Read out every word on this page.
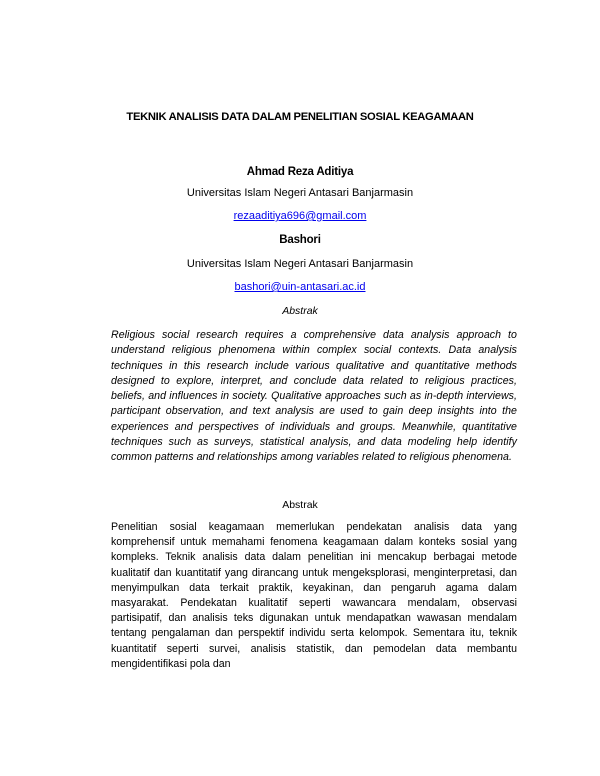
TEKNIK ANALISIS DATA DALAM PENELITIAN SOSIAL KEAGAMAAN
Ahmad Reza Aditiya
Universitas Islam Negeri Antasari Banjarmasin
rezaaditiya696@gmail.com
Bashori
Universitas Islam Negeri Antasari Banjarmasin
bashori@uin-antasari.ac.id
Abstrak
Religious social research requires a comprehensive data analysis approach to understand religious phenomena within complex social contexts. Data analysis techniques in this research include various qualitative and quantitative methods designed to explore, interpret, and conclude data related to religious practices, beliefs, and influences in society. Qualitative approaches such as in-depth interviews, participant observation, and text analysis are used to gain deep insights into the experiences and perspectives of individuals and groups. Meanwhile, quantitative techniques such as surveys, statistical analysis, and data modeling help identify common patterns and relationships among variables related to religious phenomena.
Abstrak
Penelitian sosial keagamaan memerlukan pendekatan analisis data yang komprehensif untuk memahami fenomena keagamaan dalam konteks sosial yang kompleks. Teknik analisis data dalam penelitian ini mencakup berbagai metode kualitatif dan kuantitatif yang dirancang untuk mengeksplorasi, menginterpretasi, dan menyimpulkan data terkait praktik, keyakinan, dan pengaruh agama dalam masyarakat. Pendekatan kualitatif seperti wawancara mendalam, observasi partisipatif, dan analisis teks digunakan untuk mendapatkan wawasan mendalam tentang pengalaman dan perspektif individu serta kelompok. Sementara itu, teknik kuantitatif seperti survei, analisis statistik, dan pemodelan data membantu mengidentifikasi pola dan
